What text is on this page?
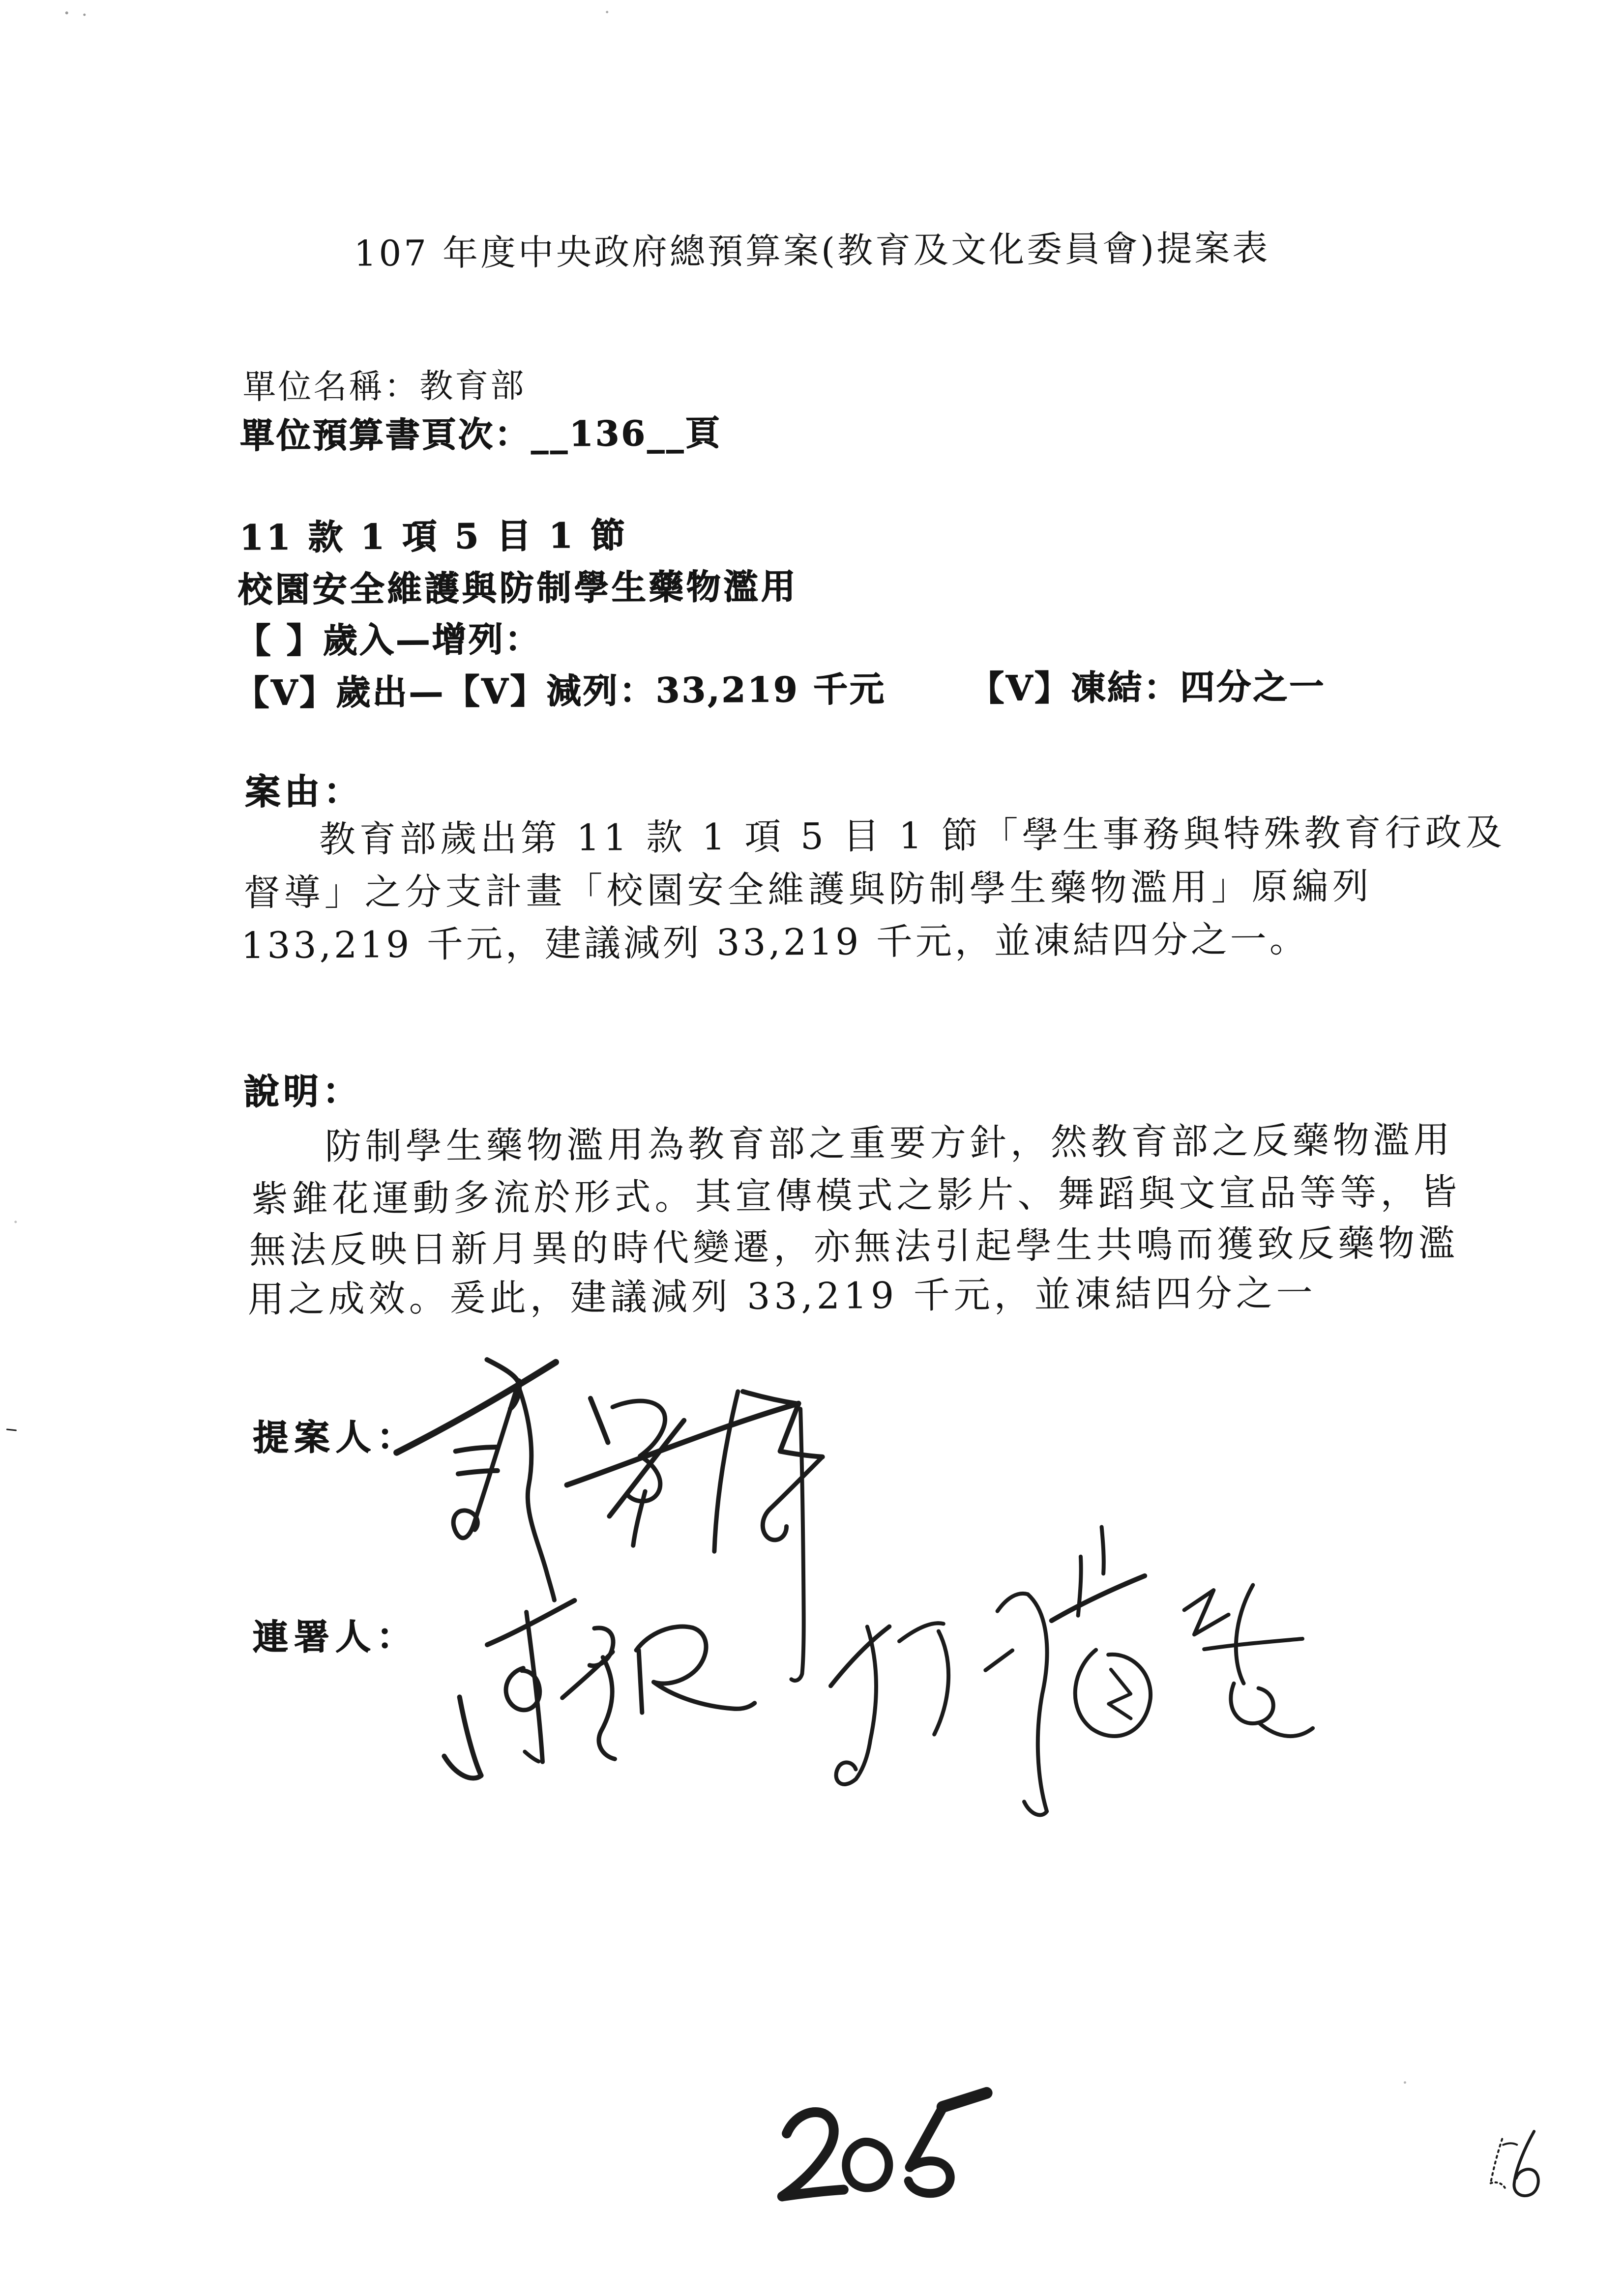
107 年度中央政府總預算案(教育及文化委員會)提案表
單位名稱：教育部
單位預算書頁次：__136__頁
11 款 1 項 5 目 1 節
校園安全維護與防制學生藥物濫用
【 】歲入—增列：
【V】歲出—【V】減列：33,219 千元 【V】凍結：四分之一
案由：
教育部歲出第 11 款 1 項 5 目 1 節「學生事務與特殊教育行政及
督導」之分支計畫「校園安全維護與防制學生藥物濫用」原編列
133,219 千元，建議減列 33,219 千元，並凍結四分之一。
說明：
防制學生藥物濫用為教育部之重要方針，然教育部之反藥物濫用
紫錐花運動多流於形式。其宣傳模式之影片、舞蹈與文宣品等等，皆
無法反映日新月異的時代變遷，亦無法引起學生共鳴而獲致反藥物濫
用之成效。爰此，建議減列 33,219 千元，並凍結四分之一
提案人：
連署人：
